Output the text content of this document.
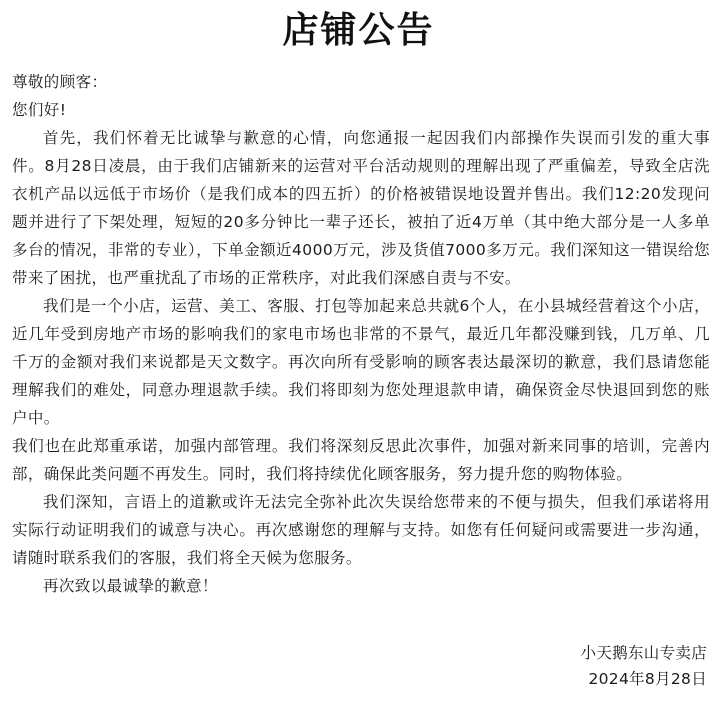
店铺公告

尊敬的顾客：

您们好!

首先，我们怀着无比诚挚与歉意的心情，向您通报一起因我们内部操作失误而引发的重大事件。8月28日凌晨，由于我们店铺新来的运营对平台活动规则的理解出现了严重偏差，导致全店洗衣机产品以远低于市场价（是我们成本的四五折）的价格被错误地设置并售出。我们12:20发现问题并进行了下架处理，短短的20多分钟比一辈子还长，被拍了近4万单（其中绝大部分是一人多单多台的情况，非常的专业），下单金额近4000万元，涉及货值7000多万元。我们深知这一错误给您带来了困扰，也严重扰乱了市场的正常秩序，对此我们深感自责与不安。

我们是一个小店，运营、美工、客服、打包等加起来总共就6个人，在小县城经营着这个小店，近几年受到房地产市场的影响我们的家电市场也非常的不景气，最近几年都没赚到钱，几万单、几千万的金额对我们来说都是天文数字。再次向所有受影响的顾客表达最深切的歉意，我们恳请您能理解我们的难处，同意办理退款手续。我们将即刻为您处理退款申请，确保资金尽快退回到您的账户中。

我们也在此郑重承诺，加强内部管理。我们将深刻反思此次事件，加强对新来同事的培训，完善内部，确保此类问题不再发生。同时，我们将持续优化顾客服务，努力提升您的购物体验。

我们深知，言语上的道歉或许无法完全弥补此次失误给您带来的不便与损失，但我们承诺将用实际行动证明我们的诚意与决心。再次感谢您的理解与支持。如您有任何疑问或需要进一步沟通，请随时联系我们的客服，我们将全天候为您服务。

再次致以最诚挚的歉意！

小天鹅东山专卖店
2024年8月28日
